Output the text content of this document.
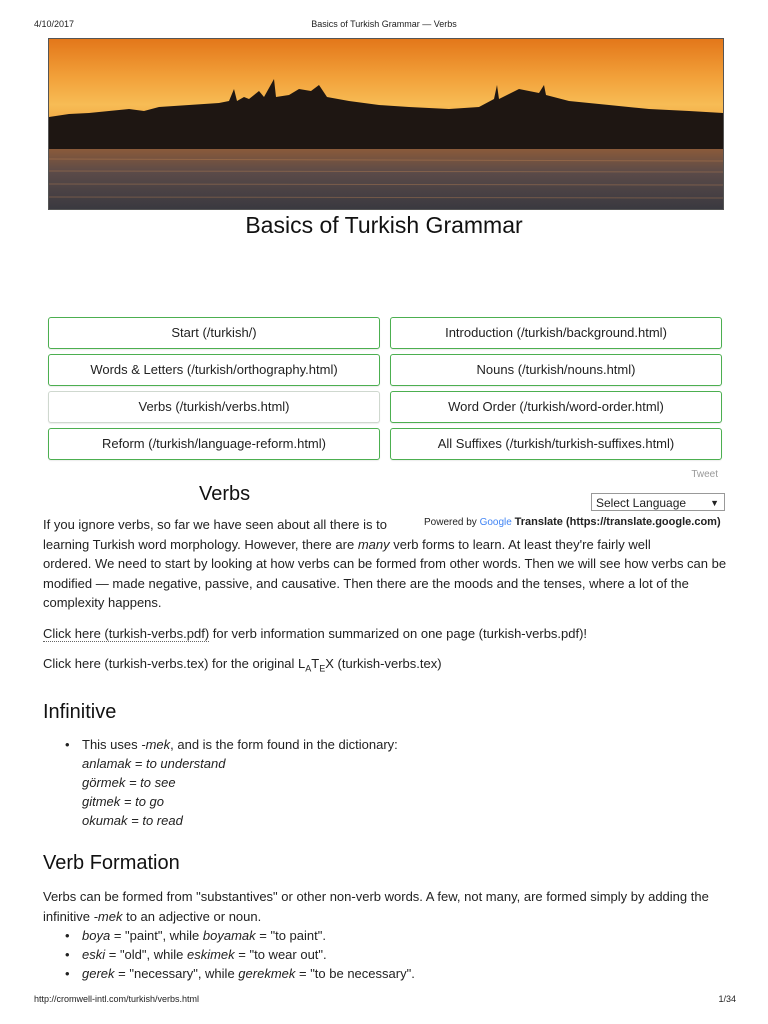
4/10/2017	Basics of Turkish Grammar — Verbs
Basics of Turkish Grammar
Start (/turkish/)	Introduction (/turkish/background.html)
Words & Letters (/turkish/orthography.html)	Nouns (/turkish/nouns.html)
Verbs (/turkish/verbs.html)	Word Order (/turkish/word-order.html)
Reform (/turkish/language-reform.html)	All Suffixes (/turkish/turkish-suffixes.html)
Tweet
Verbs	Select Language	▼
Powered by Google Translate (https://translate.google.com)
If you ignore verbs, so far we have seen about all there is to
learning Turkish word morphology. However, there are many verb forms to learn. At least they're fairly well
ordered. We need to start by looking at how verbs can be formed from other words. Then we will see how verbs can be modified — made negative, passive, and causative. Then there are the moods and the tenses, where a lot of the complexity happens.
Click here (turkish-verbs.pdf) for verb information summarized on one page (turkish-verbs.pdf)!
Click here (turkish-verbs.tex) for the original $L_AT_EX$ (turkish-verbs.tex)
Infinitive
• This uses -mek, and is the form found in the dictionary:
anlamak = to understand
görmek = to see
gitmek = to go
okumak = to read
Verb Formation
Verbs can be formed from "substantives" or other non-verb words. A few, not many, are formed simply by adding the infinitive -mek to an adjective or noun.
• boya = "paint", while boyamak = "to paint".
• eski = "old", while eskimek = "to wear out".
• gerek = "necessary", while gerekmek = "to be necessary".
http://cromwell-intl.com/turkish/verbs.html	1/34
